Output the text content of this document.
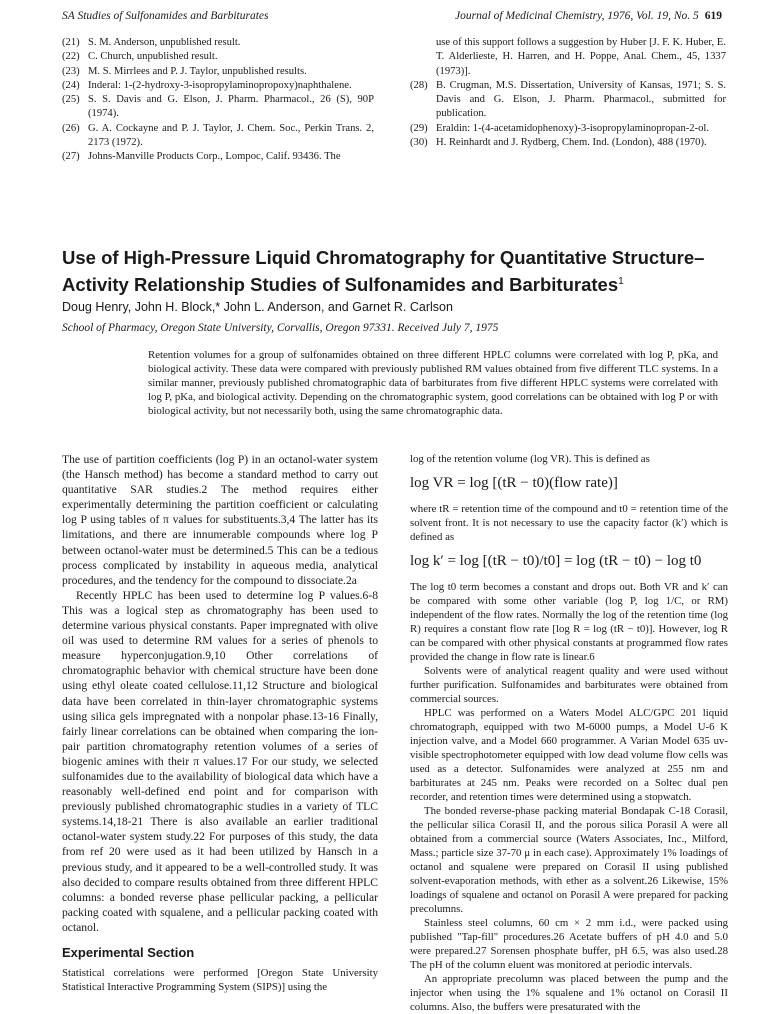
SA Studies of Sulfonamides and Barbiturates	Journal of Medicinal Chemistry, 1976, Vol. 19, No. 5 619
(21) S. M. Anderson, unpublished result.
(22) C. Church, unpublished result.
(23) M. S. Mirrlees and P. J. Taylor, unpublished results.
(24) Inderal: 1-(2-hydroxy-3-isopropylaminopropoxy)naphthalene.
(25) S. S. Davis and G. Elson, J. Pharm. Pharmacol., 26 (S), 90P (1974).
(26) G. A. Cockayne and P. J. Taylor, J. Chem. Soc., Perkin Trans. 2, 2173 (1972).
(27) Johns-Manville Products Corp., Lompoc, Calif. 93436. The
use of this support follows a suggestion by Huber [J. F. K. Huber, E. T. Alderlieste, H. Harren, and H. Poppe, Anal. Chem., 45, 1337 (1973)].
(28) B. Crugman, M.S. Dissertation, University of Kansas, 1971; S. S. Davis and G. Elson, J. Pharm. Pharmacol., submitted for publication.
(29) Eraldin: 1-(4-acetamidophenoxy)-3-isopropylaminopropan-2-ol.
(30) H. Reinhardt and J. Rydberg, Chem. Ind. (London), 488 (1970).
Use of High-Pressure Liquid Chromatography for Quantitative Structure–Activity Relationship Studies of Sulfonamides and Barbiturates$^1$
Doug Henry, John H. Block,* John L. Anderson, and Garnet R. Carlson
School of Pharmacy, Oregon State University, Corvallis, Oregon 97331. Received July 7, 1975

Retention volumes for a group of sulfonamides obtained on three different HPLC columns were correlated with log P, pKa, and biological activity. These data were compared with previously published RM values obtained from five different TLC systems. In a similar manner, previously published chromatographic data of barbiturates from five different HPLC systems were correlated with log P, pKa, and biological activity. Depending on the chromatographic system, good correlations can be obtained with log P or with biological activity, but not necessarily both, using the same chromatographic data.

The use of partition coefficients (log P) in an octanol-water system (the Hansch method) has become a standard method to carry out quantitative SAR studies.2 The method requires either experimentally determining the partition coefficient or calculating log P using tables of π values for substituents.3,4 The latter has its limitations, and there are innumerable compounds where log P between octanol-water must be determined.5 This can be a tedious process complicated by instability in aqueous media, analytical procedures, and the tendency for the compound to dissociate.2a

Recently HPLC has been used to determine log P values.6-8 This was a logical step as chromatography has been used to determine various physical constants. Paper impregnated with olive oil was used to determine RM values for a series of phenols to measure hyperconjugation.9,10 Other correlations of chromatographic behavior with chemical structure have been done using ethyl oleate coated cellulose.11,12 Structure and biological data have been correlated in thin-layer chromatographic systems using silica gels impregnated with a nonpolar phase.13-16 Finally, fairly linear correlations can be obtained when comparing the ion-pair partition chromatography retention volumes of a series of biogenic amines with their π values.17 For our study, we selected sulfonamides due to the availability of biological data which have a reasonably well-defined end point and for comparison with previously published chromatographic studies in a variety of TLC systems.14,18-21 There is also available an earlier traditional octanol-water system study.22 For purposes of this study, the data from ref 20 were used as it had been utilized by Hansch in a previous study, and it appeared to be a well-controlled study. It was also decided to compare results obtained from three different HPLC columns: a bonded reverse phase pellicular packing, a pellicular packing coated with squalene, and a pellicular packing coated with octanol.

Experimental Section

Statistical correlations were performed [Oregon State University Statistical Interactive Programming System (SIPS)] using the

log of the retention volume (log VR). This is defined as

log VR = log [(tR − t0)(flow rate)]

where tR = retention time of the compound and t0 = retention time of the solvent front. It is not necessary to use the capacity factor (k′) which is defined as

log k′ = log [(tR − t0)/t0] = log (tR − t0) − log t0

The log t0 term becomes a constant and drops out. Both VR and k′ can be compared with some other variable (log P, log 1/C, or RM) independent of the flow rates. Normally the log of the retention time (log R) requires a constant flow rate [log R = log (tR − t0)]. However, log R can be compared with other physical constants at programmed flow rates provided the change in flow rate is linear.6

Solvents were of analytical reagent quality and were used without further purification. Sulfonamides and barbiturates were obtained from commercial sources.

HPLC was performed on a Waters Model ALC/GPC 201 liquid chromatograph, equipped with two M-6000 pumps, a Model U-6 K injection valve, and a Model 660 programmer. A Varian Model 635 uv-visible spectrophotometer equipped with low dead volume flow cells was used as a detector. Sulfonamides were analyzed at 255 nm and barbiturates at 245 nm. Peaks were recorded on a Soltec dual pen recorder, and retention times were determined using a stopwatch.

The bonded reverse-phase packing material Bondapak C-18 Corasil, the pellicular silica Corasil II, and the porous silica Porasil A were all obtained from a commercial source (Waters Associates, Inc., Milford, Mass.; particle size 37-70 μ in each case). Approximately 1% loadings of octanol and squalene were prepared on Corasil II using published solvent-evaporation methods, with ether as a solvent.26 Likewise, 15% loadings of squalene and octanol on Porasil A were prepared for packing precolumns.

Stainless steel columns, 60 cm × 2 mm i.d., were packed using published "Tap-fill" procedures.26 Acetate buffers of pH 4.0 and 5.0 were prepared.27 Sorensen phosphate buffer, pH 6.5, was also used.28 The pH of the column eluent was monitored at periodic intervals.

An appropriate precolumn was placed between the pump and the injector when using the 1% squalene and 1% octanol on Corasil II columns. Also, the buffers were presaturated with the
